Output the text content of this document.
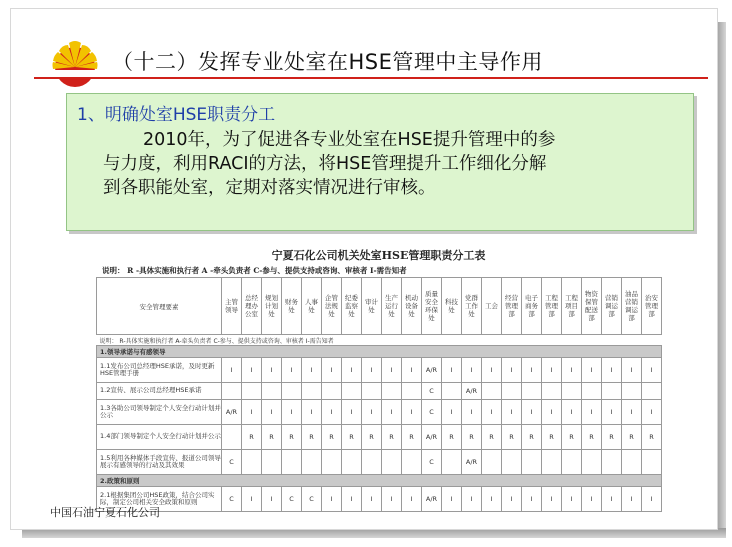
（十二）发挥专业处室在HSE管理中主导作用
1、明确处室HSE职责分工
2010年，为了促进各专业处室在HSE提升管理中的参
与力度，利用RACI的方法，将HSE管理提升工作细化分解
到各职能处室，定期对落实情况进行审核。
宁夏石化公司机关处室HSE管理职责分工表
说明： R -具体实施和执行者 A -牵头负责者 C-参与、提供支持或咨询、审核者 I-需告知者
安全管理要素	主管领导	总经理办公室	规划计划处	财务处	人事处	企管法规处	纪委监察处	审计处	生产运行处	机动设备处	质量安全环保处	科技处	党群工作处	工会	经营管理部	电子商务部	工程管理部	工程项目部	物资保管配送部	营销调运部	油品营销调运部	治安管理部
说明： R-具体实施和执行者 A-牵头负责者 C-参与、提供支持或咨询、审核者 I-需告知者																						
1.领导承诺与有感领导																						
1.1发布公司总经理HSE承诺，及时更新HSE管理手册	I	I	I	I	I	I	I	I	I	I	A/R	I	I	I	I	I	I	I	I	I	I	I
1.2宣传、展示公司总经理HSE承诺											C		A/R									
1.3各助公司领导制定个人安全行动计划并公示	A/R	I	I	I	I	I	I	I	I	I	C	I	I	I	I	I	I	I	I	I	I	I
1.4部门领导制定个人安全行动计划并公示		R	R	R	R	R	R	R	R	R	A/R	R	R	R	R	R	R	R	R	R	R	R
1.5利用各种媒体手段宣传、报道公司领导展示有感领导的行动及其效果	C										C		A/R									
2.政策和原则																						
2.1根据集团公司HSE政策，结合公司实际，制定公司相关安全政策和原则	C	I	I	C	C	I	I	I	I	I	A/R	I	I	I	I	I	I	I	I	I	I	I
中国石油宁夏石化公司
